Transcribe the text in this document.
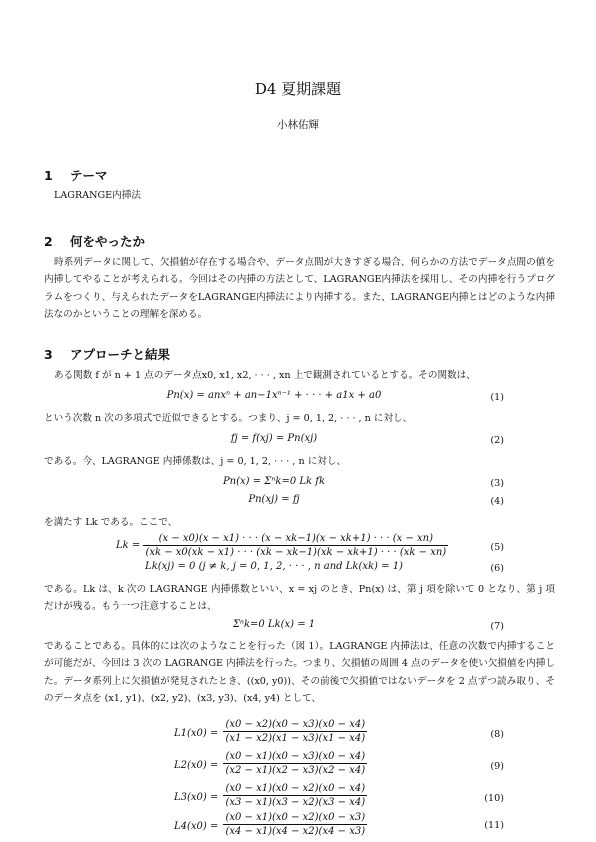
D4 夏期課題
小林佑輝
1 テーマ
LAGRANGE内挿法
2 何をやったか
時系列データに関して、欠損値が存在する場合や、データ点間が大きすぎる場合、何らかの方法でデータ点間の値を内挿してやることが考えられる。今回はその内挿の方法として、LAGRANGE内挿法を採用し、その内挿を行うプログラムをつくり、与えられたデータをLAGRANGE内挿法により内挿する。また、LAGRANGE内挿とはどのような内挿法なのかということの理解を深める。
3 アプローチと結果
ある関数 f が n + 1 点のデータ点x0, x1, x2, · · · , xn 上で観測されているとする。その関数は、
Pn(x) = anxⁿ + an−1xⁿ⁻¹ + · · · + a1x + a0	(1)
という次数 n 次の多項式で近似できるとする。つまり、j = 0, 1, 2, · · · , n に対し、
fj = f(xj) = Pn(xj)	(2)
である。今、LAGRANGE 内挿係数は、j = 0, 1, 2, · · · , n に対し、
Pn(x) = Σⁿk=0 Lk fk	(3)
Pn(xj) = fj	(4)
を満たす Lk である。ここで、
Lk =
(x − x0)(x − x1) · · · (x − xk−1)(x − xk+1) · · · (x − xn)
(xk − x0(xk − x1) · · · (xk − xk−1)(xk − xk+1) · · · (xk − xn)	(5)
Lk(xj) = 0 (j ≠ k, j = 0, 1, 2, · · · , n and Lk(xk) = 1)	(6)
である。Lk は、k 次の LAGRANGE 内挿係数といい、x = xj のとき、Pn(x) は、第 j 項を除いて 0 となり、第 j 項だけが残る。もう一つ注意することは、
Σⁿk=0 Lk(x) = 1	(7)
であることである。具体的には次のようなことを行った（図 1）。LAGRANGE 内挿法は、任意の次数で内挿することが可能だが、今回は 3 次の LAGRANGE 内挿法を行った。つまり、欠損値の周囲 4 点のデータを使い欠損値を内挿した。データ系列上に欠損値が発見されたとき、((x0, y0))、その前後で欠損値ではないデータを 2 点ずつ読み取り、そのデータ点を (x1, y1)、(x2, y2)、(x3, y3)、(x4, y4) として、
$L1(x0) = \frac{(x0 - x2)(x0 - x3)(x0 - x4)}{(x1 - x2)(x1 - x3)(x1 - x4)}$	(8)
$L2(x0) = \frac{(x0 - x1)(x0 - x3)(x0 - x4)}{(x2 - x1)(x2 - x3)(x2 - x4)}$	(9)
$L3(x0) = \frac{(x0 - x1)(x0 - x2)(x0 - x4)}{(x3 - x1)(x3 - x2)(x3 - x4)}$	(10)
$L4(x0) = \frac{(x0 - x1)(x0 - x2)(x0 - x3)}{(x4 - x1)(x4 - x2)(x4 - x3)}$	(11)
